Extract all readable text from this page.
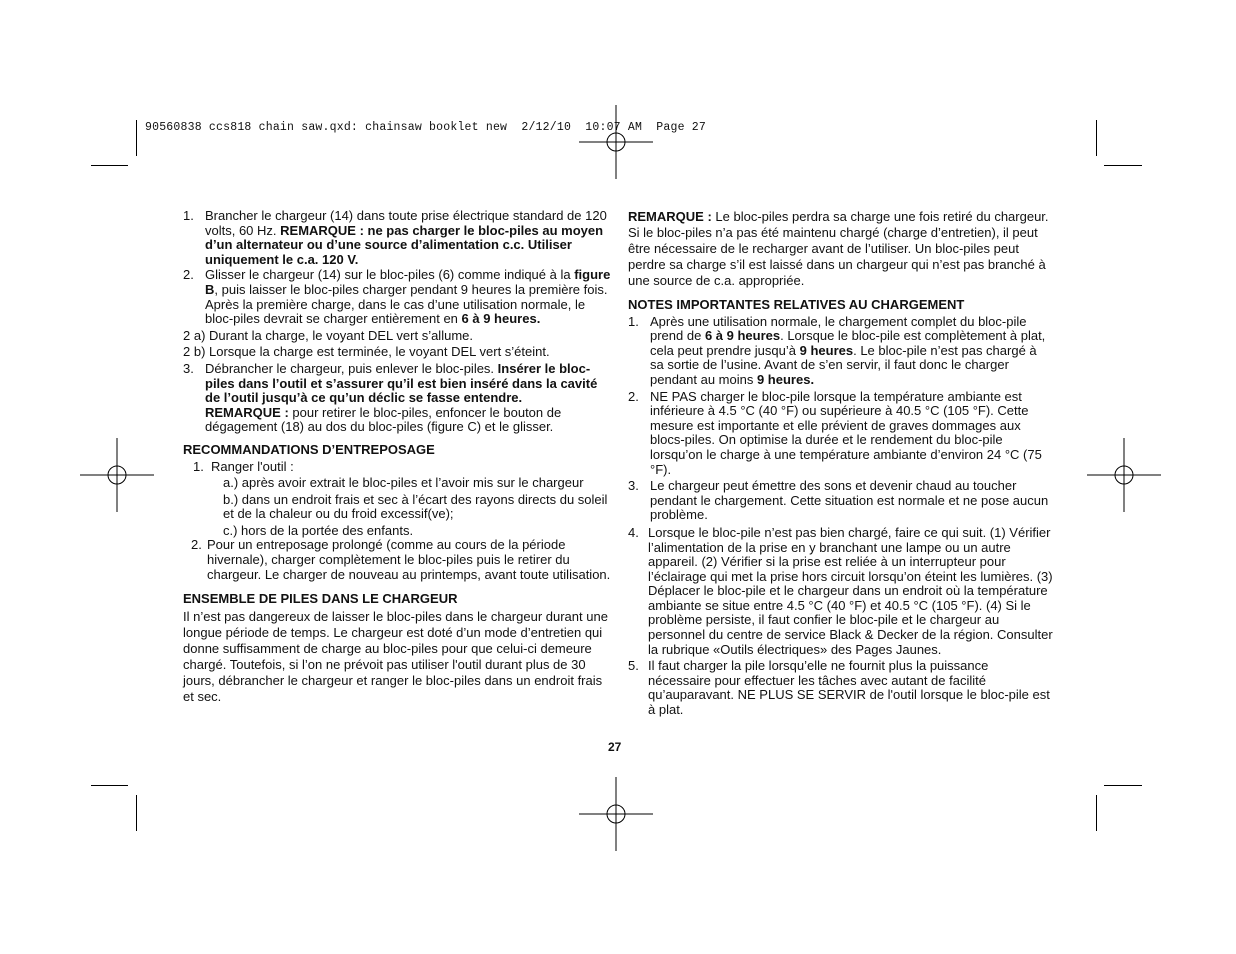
90560838 ccs818 chain saw.qxd: chainsaw booklet new  2/12/10  10:07 AM  Page 27

1. Brancher le chargeur (14) dans toute prise électrique standard de 120 volts, 60 Hz. REMARQUE : ne pas charger le bloc-piles au moyen d’un alternateur ou d’une source d’alimentation c.c. Utiliser uniquement le c.a. 120 V.

2. Glisser le chargeur (14) sur le bloc-piles (6) comme indiqué à la figure B, puis laisser le bloc-piles charger pendant 9 heures la première fois. Après la première charge, dans le cas d’une utilisation normale, le bloc-piles devrait se charger entièrement en 6 à 9 heures.

2 a) Durant la charge, le voyant DEL vert s’allume.

2 b) Lorsque la charge est terminée, le voyant DEL vert s’éteint.

3. Débrancher le chargeur, puis enlever le bloc-piles. Insérer le bloc-piles dans l’outil et s’assurer qu’il est bien inséré dans la cavité de l’outil jusqu’à ce qu’un déclic se fasse entendre.
REMARQUE : pour retirer le bloc-piles, enfoncer le bouton de dégagement (18) au dos du bloc-piles (figure C) et le glisser.

RECOMMANDATIONS D’ENTREPOSAGE

1. Ranger l'outil :

a.) après avoir extrait le bloc-piles et l’avoir mis sur le chargeur

b.) dans un endroit frais et sec à l’écart des rayons directs du soleil et de la chaleur ou du froid excessif(ve);

c.) hors de la portée des enfants.

2. Pour un entreposage prolongé (comme au cours de la période hivernale), charger complètement le bloc-piles puis le retirer du chargeur. Le charger de nouveau au printemps, avant toute utilisation.

ENSEMBLE DE PILES DANS LE CHARGEUR

Il n’est pas dangereux de laisser le bloc-piles dans le chargeur durant une longue période de temps. Le chargeur est doté d’un mode d’entretien qui donne suffisamment de charge au bloc-piles pour que celui-ci demeure chargé. Toutefois, si l’on ne prévoit pas utiliser l'outil durant plus de 30 jours, débrancher le chargeur et ranger le bloc-piles dans un endroit frais et sec.

REMARQUE : Le bloc-piles perdra sa charge une fois retiré du chargeur. Si le bloc-piles n’a pas été maintenu chargé (charge d’entretien), il peut être nécessaire de le recharger avant de l’utiliser. Un bloc-piles peut perdre sa charge s’il est laissé dans un chargeur qui n’est pas branché à une source de c.a. appropriée.

NOTES IMPORTANTES RELATIVES AU CHARGEMENT

1. Après une utilisation normale, le chargement complet du bloc-pile prend de 6 à 9 heures. Lorsque le bloc-pile est complètement à plat, cela peut prendre jusqu’à 9 heures. Le bloc-pile n’est pas chargé à sa sortie de l’usine. Avant de s’en servir, il faut donc le charger pendant au moins 9 heures.

2. NE PAS charger le bloc-pile lorsque la température ambiante est inférieure à 4.5 °C (40 °F) ou supérieure à 40.5 °C (105 °F). Cette mesure est importante et elle prévient de graves dommages aux blocs-piles. On optimise la durée et le rendement du bloc-pile lorsqu’on le charge à une température ambiante d’environ 24 °C (75 °F).

3. Le chargeur peut émettre des sons et devenir chaud au toucher pendant le chargement. Cette situation est normale et ne pose aucun problème.

4. Lorsque le bloc-pile n’est pas bien chargé, faire ce qui suit. (1) Vérifier l’alimentation de la prise en y branchant une lampe ou un autre appareil. (2) Vérifier si la prise est reliée à un interrupteur pour l’éclairage qui met la prise hors circuit lorsqu’on éteint les lumières. (3) Déplacer le bloc-pile et le chargeur dans un endroit où la température ambiante se situe entre 4.5 °C (40 °F) et 40.5 °C (105 °F). (4) Si le problème persiste, il faut confier le bloc-pile et le chargeur au personnel du centre de service Black & Decker de la région. Consulter la rubrique «Outils électriques» des Pages Jaunes.

5. Il faut charger la pile lorsqu’elle ne fournit plus la puissance nécessaire pour effectuer les tâches avec autant de facilité qu’auparavant. NE PLUS SE SERVIR de l'outil lorsque le bloc-pile est à plat.

27
